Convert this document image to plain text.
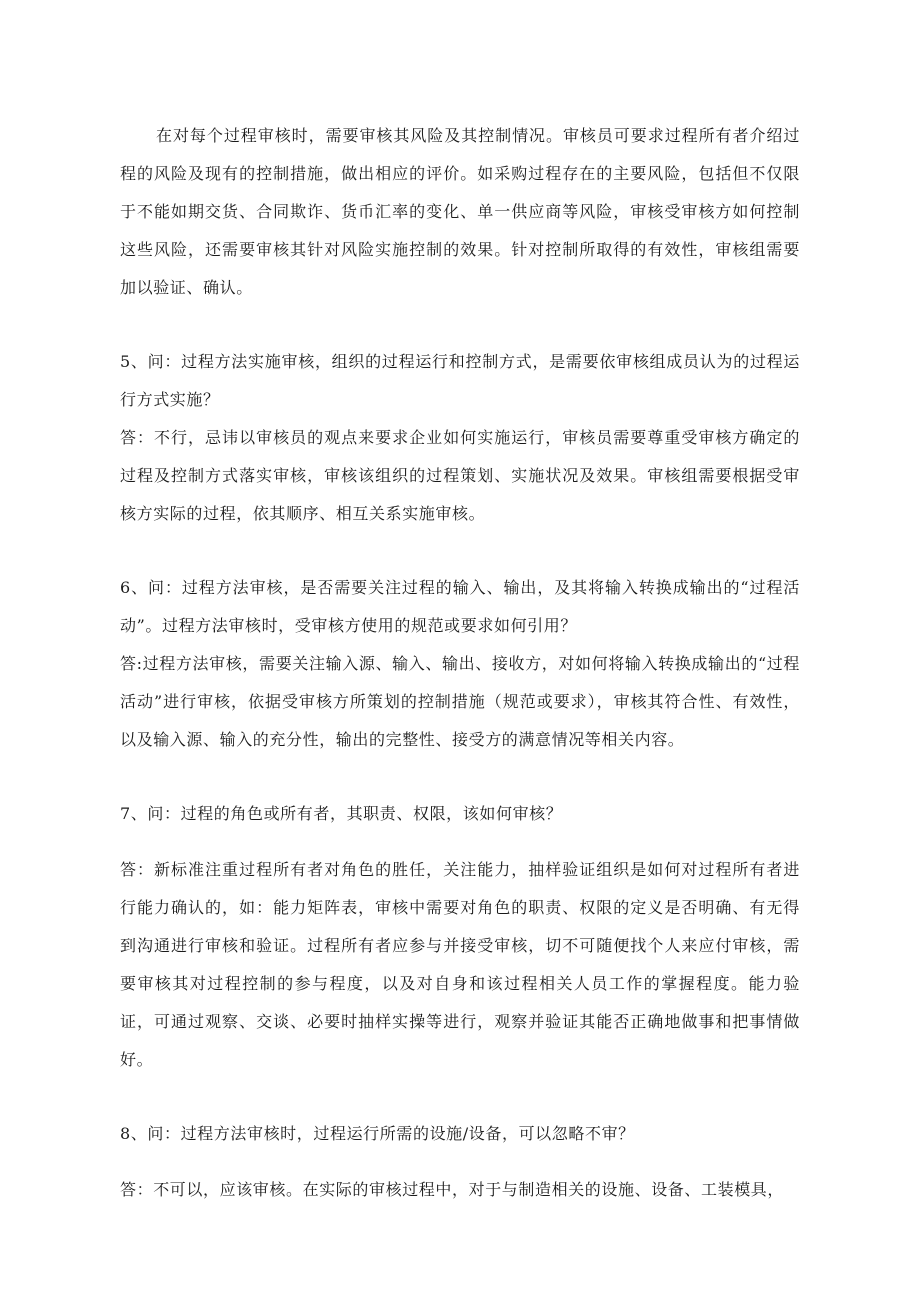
在对每个过程审核时，需要审核其风险及其控制情况。审核员可要求过程所有者介绍过程的风险及现有的控制措施，做出相应的评价。如采购过程存在的主要风险，包括但不仅限于不能如期交货、合同欺诈、货币汇率的变化、单一供应商等风险，审核受审核方如何控制这些风险，还需要审核其针对风险实施控制的效果。针对控制所取得的有效性，审核组需要加以验证、确认。

5、问：过程方法实施审核，组织的过程运行和控制方式，是需要依审核组成员认为的过程运行方式实施？

答：不行，忌讳以审核员的观点来要求企业如何实施运行，审核员需要尊重受审核方确定的过程及控制方式落实审核，审核该组织的过程策划、实施状况及效果。审核组需要根据受审核方实际的过程，依其顺序、相互关系实施审核。

6、问：过程方法审核，是否需要关注过程的输入、输出，及其将输入转换成输出的“过程活动”。过程方法审核时，受审核方使用的规范或要求如何引用？

答:过程方法审核，需要关注输入源、输入、输出、接收方，对如何将输入转换成输出的“过程活动”进行审核，依据受审核方所策划的控制措施（规范或要求），审核其符合性、有效性，以及输入源、输入的充分性，输出的完整性、接受方的满意情况等相关内容。

7、问：过程的角色或所有者，其职责、权限，该如何审核？

答：新标准注重过程所有者对角色的胜任，关注能力，抽样验证组织是如何对过程所有者进行能力确认的，如：能力矩阵表，审核中需要对角色的职责、权限的定义是否明确、有无得到沟通进行审核和验证。过程所有者应参与并接受审核，切不可随便找个人来应付审核，需要审核其对过程控制的参与程度，以及对自身和该过程相关人员工作的掌握程度。能力验证，可通过观察、交谈、必要时抽样实操等进行，观察并验证其能否正确地做事和把事情做好。

8、问：过程方法审核时，过程运行所需的设施/设备，可以忽略不审？

答：不可以，应该审核。在实际的审核过程中，对于与制造相关的设施、设备、工装模具，
